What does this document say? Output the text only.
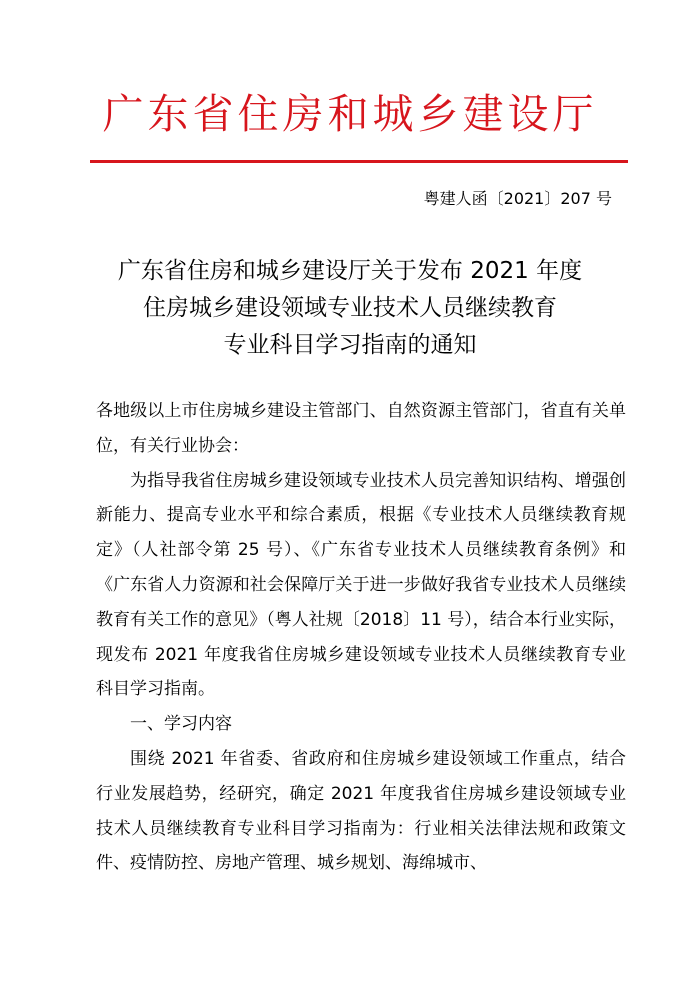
广东省住房和城乡建设厅
粤建人函〔2021〕207 号
广东省住房和城乡建设厅关于发布 2021 年度
住房城乡建设领域专业技术人员继续教育
专业科目学习指南的通知

各地级以上市住房城乡建设主管部门、自然资源主管部门，省直有关单位，有关行业协会：

为指导我省住房城乡建设领域专业技术人员完善知识结构、增强创新能力、提高专业水平和综合素质，根据《专业技术人员继续教育规定》（人社部令第 25 号）、《广东省专业技术人员继续教育条例》和《广东省人力资源和社会保障厅关于进一步做好我省专业技术人员继续教育有关工作的意见》（粤人社规〔2018〕11 号），结合本行业实际，现发布 2021 年度我省住房城乡建设领域专业技术人员继续教育专业科目学习指南。

一、学习内容

围绕 2021 年省委、省政府和住房城乡建设领域工作重点，结合行业发展趋势，经研究，确定 2021 年度我省住房城乡建设领域专业技术人员继续教育专业科目学习指南为：行业相关法律法规和政策文件、疫情防控、房地产管理、城乡规划、海绵城市、
